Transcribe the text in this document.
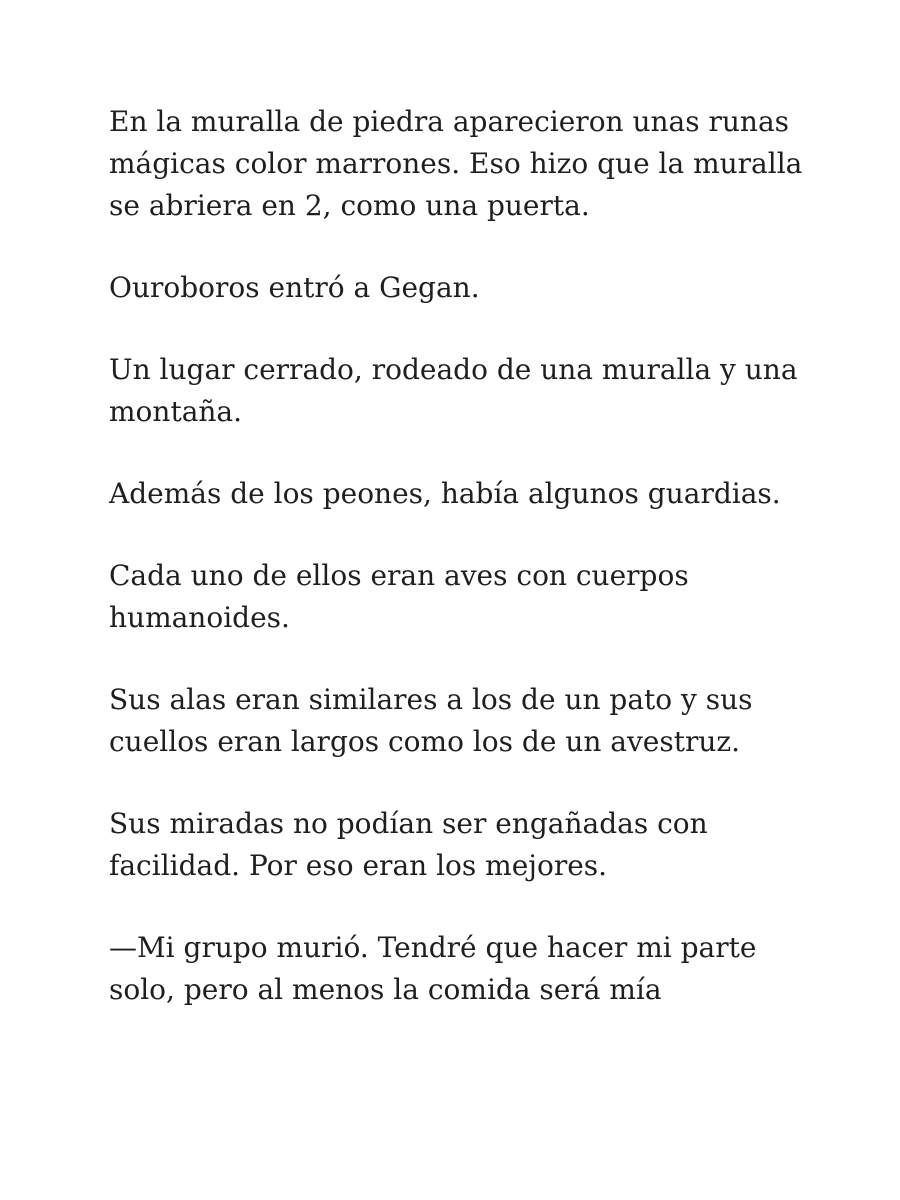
En la muralla de piedra aparecieron unas runas
mágicas color marrones. Eso hizo que la muralla
se abriera en 2, como una puerta.

Ouroboros entró a Gegan.

Un lugar cerrado, rodeado de una muralla y una
montaña.

Además de los peones, había algunos guardias.

Cada uno de ellos eran aves con cuerpos
humanoides.

Sus alas eran similares a los de un pato y sus
cuellos eran largos como los de un avestruz.

Sus miradas no podían ser engañadas con
facilidad. Por eso eran los mejores.

—Mi grupo murió. Tendré que hacer mi parte
solo, pero al menos la comida será mía
